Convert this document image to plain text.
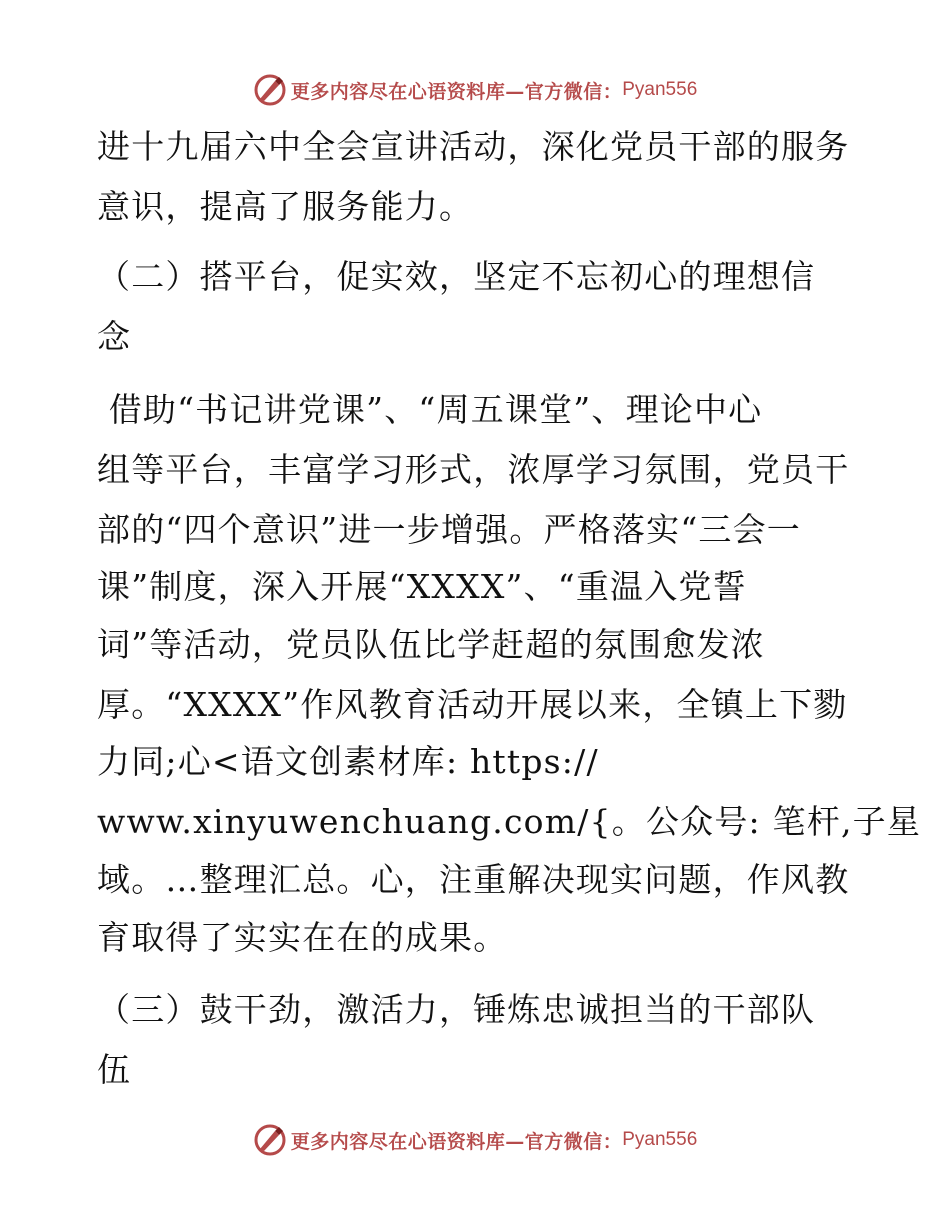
更多内容尽在心语资料库—官方微信： Pyan556
进十九届六中全会宣讲活动，深化党员干部的服务
意识，提高了服务能力。
（二）搭平台，促实效，坚定不忘初心的理想信
念
借助“书记讲党课”、“周五课堂”、理论中心
组等平台，丰富学习形式，浓厚学习氛围，党员干
部的“四个意识”进一步增强。严格落实“三会一
课”制度，深入开展“XXXX”、“重温入党誓
词”等活动，党员队伍比学赶超的氛围愈发浓
厚。“XXXX”作风教育活动开展以来，全镇上下勠
力同;心<语文创素材库: https://
www.xinyuwenchuang.com/{。公众号: 笔杆,子星
域。…整理汇总。心，注重解决现实问题，作风教
育取得了实实在在的成果。
（三）鼓干劲，激活力，锤炼忠诚担当的干部队
伍
更多内容尽在心语资料库—官方微信： Pyan556
